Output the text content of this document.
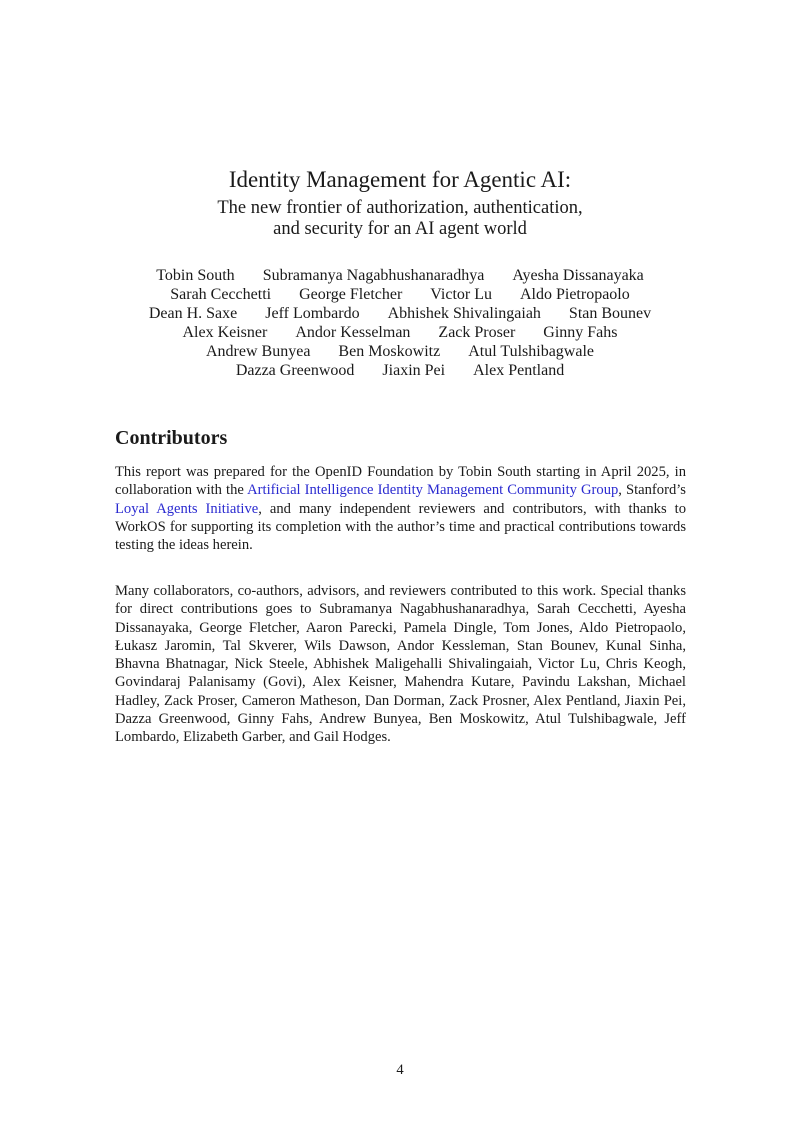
Identity Management for Agentic AI:

The new frontier of authorization, authentication,
and security for an AI agent world

Tobin South Subramanya Nagabhushanaradhya Ayesha Dissanayaka
Sarah Cecchetti George Fletcher Victor Lu Aldo Pietropaolo
Dean H. Saxe Jeff Lombardo Abhishek Shivalingaiah Stan Bounev
Alex Keisner Andor Kesselman Zack Proser Ginny Fahs
Andrew Bunyea Ben Moskowitz Atul Tulshibagwale
Dazza Greenwood Jiaxin Pei Alex Pentland
Contributors

This report was prepared for the OpenID Foundation by Tobin South starting in April 2025, in collaboration with the Artificial Intelligence Identity Management Community Group, Stanford’s Loyal Agents Initiative, and many independent reviewers and contributors, with thanks to WorkOS for supporting its completion with the author’s time and practical contributions towards testing the ideas herein.

Many collaborators, co-authors, advisors, and reviewers contributed to this work. Special thanks for direct contributions goes to Subramanya Nagabhushanaradhya, Sarah Cecchetti, Ayesha Dissanayaka, George Fletcher, Aaron Parecki, Pamela Dingle, Tom Jones, Aldo Pietropaolo, Łukasz Jaromin, Tal Skverer, Wils Dawson, Andor Kessleman, Stan Bounev, Kunal Sinha, Bhavna Bhatnagar, Nick Steele, Abhishek Maligehalli Shivalingaiah, Victor Lu, Chris Keogh, Govindaraj Palanisamy (Govi), Alex Keisner, Mahendra Kutare, Pavindu Lakshan, Michael Hadley, Zack Proser, Cameron Matheson, Dan Dorman, Zack Prosner, Alex Pentland, Jiaxin Pei, Dazza Greenwood, Ginny Fahs, Andrew Bunyea, Ben Moskowitz, Atul Tulshibagwale, Jeff Lombardo, Elizabeth Garber, and Gail Hodges.

4
